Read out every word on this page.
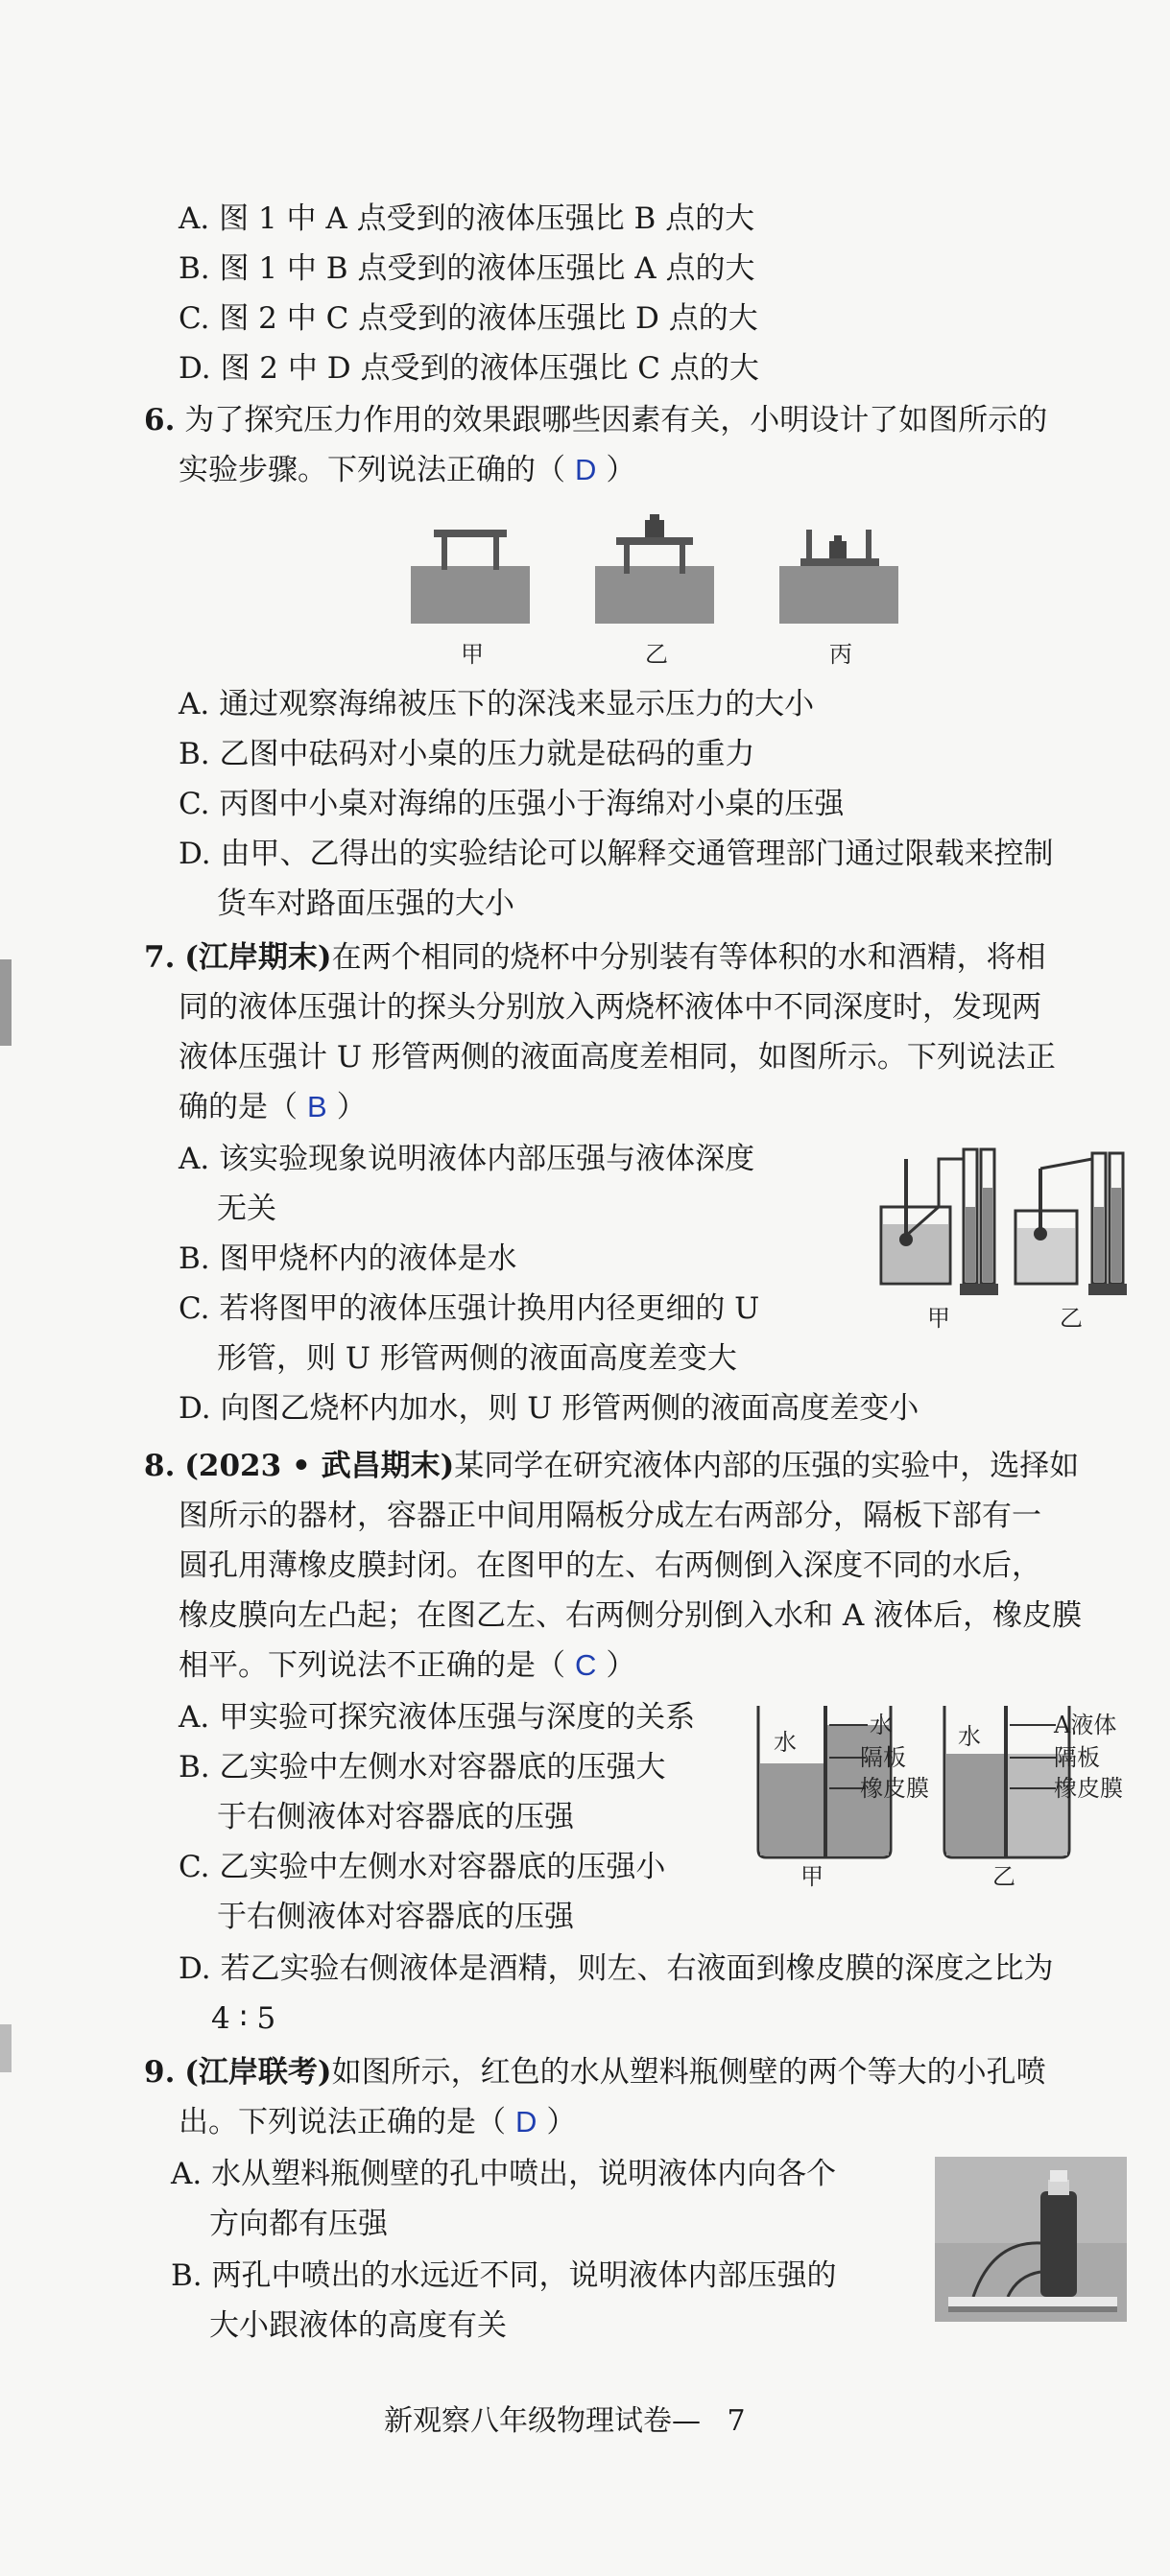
A. 图 1 中 A 点受到的液体压强比 B 点的大
B. 图 1 中 B 点受到的液体压强比 A 点的大
C. 图 2 中 C 点受到的液体压强比 D 点的大
D. 图 2 中 D 点受到的液体压强比 C 点的大
6. 为了探究压力作用的效果跟哪些因素有关，小明设计了如图所示的
实验步骤。下列说法正确的（ D ）
甲	乙	丙
A. 通过观察海绵被压下的深浅来显示压力的大小
B. 乙图中砝码对小桌的压力就是砝码的重力
C. 丙图中小桌对海绵的压强小于海绵对小桌的压强
D. 由甲、乙得出的实验结论可以解释交通管理部门通过限载来控制
货车对路面压强的大小
7. (江岸期末)在两个相同的烧杯中分别装有等体积的水和酒精，将相
同的液体压强计的探头分别放入两烧杯液体中不同深度时，发现两
液体压强计 U 形管两侧的液面高度差相同，如图所示。下列说法正
确的是（ B ）
A. 该实验现象说明液体内部压强与液体深度
无关
B. 图甲烧杯内的液体是水
C. 若将图甲的液体压强计换用内径更细的 U
形管，则 U 形管两侧的液面高度差变大
D. 向图乙烧杯内加水，则 U 形管两侧的液面高度差变小
甲	乙
8. (2023 • 武昌期末)某同学在研究液体内部的压强的实验中，选择如
图所示的器材，容器正中间用隔板分成左右两部分，隔板下部有一
圆孔用薄橡皮膜封闭。在图甲的左、右两侧倒入深度不同的水后，
橡皮膜向左凸起；在图乙左、右两侧分别倒入水和 A 液体后，橡皮膜
相平。下列说法不正确的是（ C ）
A. 甲实验可探究液体压强与深度的关系
B. 乙实验中左侧水对容器底的压强大
于右侧液体对容器底的压强
C. 乙实验中左侧水对容器底的压强小
于右侧液体对容器底的压强
D. 若乙实验右侧液体是酒精，则左、右液面到橡皮膜的深度之比为
4 ∶ 5
水
水
隔板
橡皮膜
甲
水	A液体
隔板
橡皮膜
乙
9. (江岸联考)如图所示，红色的水从塑料瓶侧壁的两个等大的小孔喷
出。下列说法正确的是（ D ）
A. 水从塑料瓶侧壁的孔中喷出，说明液体内向各个
方向都有压强
B. 两孔中喷出的水远近不同，说明液体内部压强的
大小跟液体的高度有关
新观察八年级物理试卷— 7
